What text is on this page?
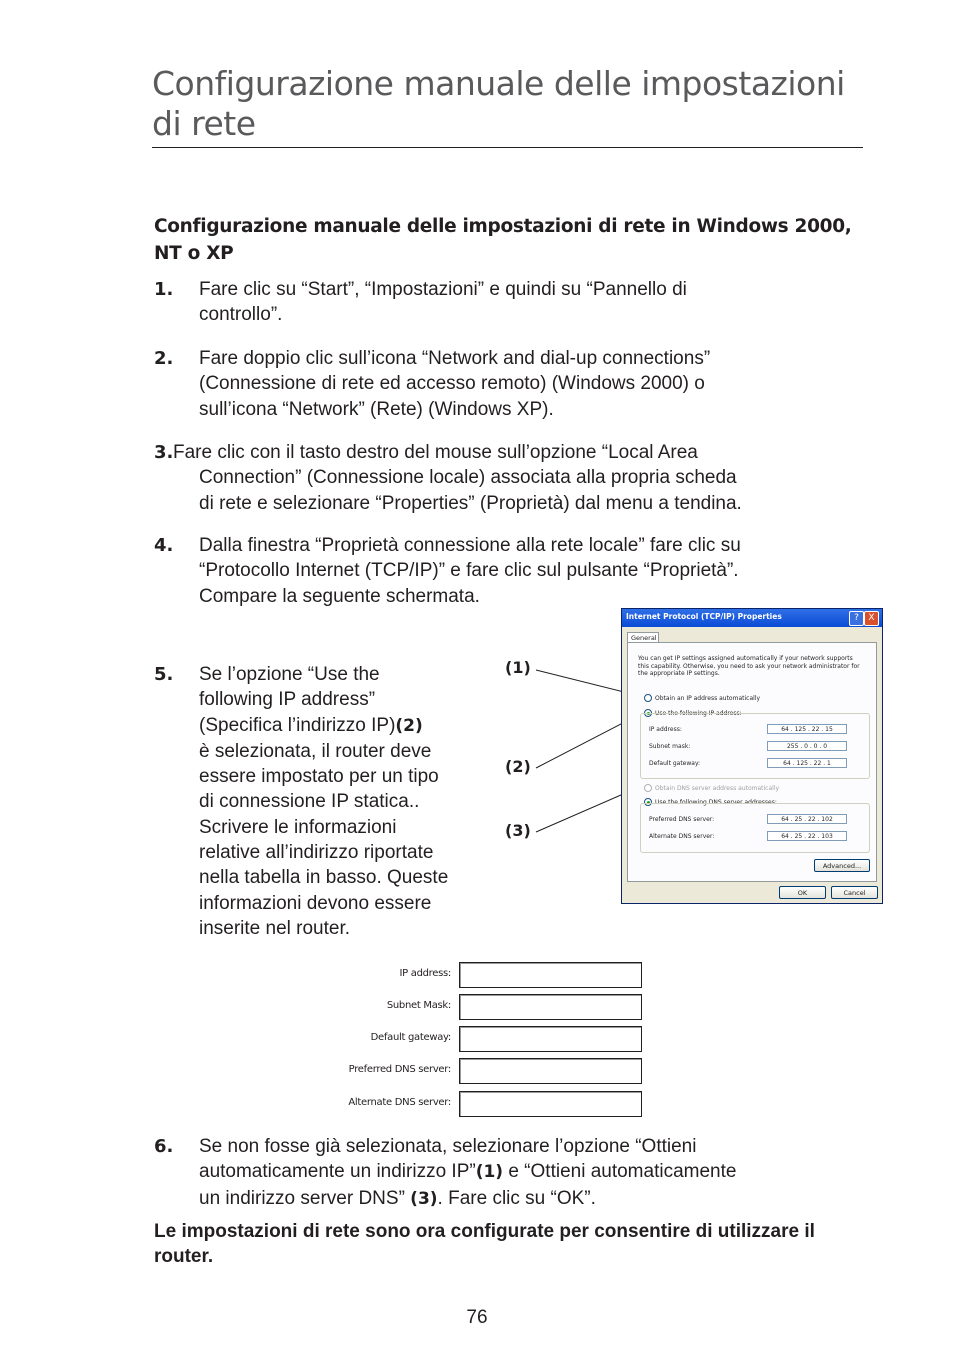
Configurazione manuale delle impostazioni di rete
Configurazione manuale delle impostazioni di rete in Windows 2000, NT o XP
1. Fare clic su “Start”, “Impostazioni” e quindi su “Pannello di
controllo”.
2. Fare doppio clic sull’icona “Network and dial-up connections”
(Connessione di rete ed accesso remoto) (Windows 2000) o
sull’icona “Network” (Rete) (Windows XP).
3. Fare clic con il tasto destro del mouse sull’opzione “Local Area
Connection” (Connessione locale) associata alla propria scheda
di rete e selezionare “Properties” (Proprietà) dal menu a tendina.
4. Dalla finestra “Proprietà connessione alla rete locale” fare clic su
“Protocollo Internet (TCP/IP)” e fare clic sul pulsante “Proprietà”.
Compare la seguente schermata.
5. Se l’opzione “Use the
following IP address”
(Specifica l’indirizzo IP)(2)
è selezionata, il router deve
essere impostato per un tipo
di connessione IP statica..
Scrivere le informazioni
relative all’indirizzo riportate
nella tabella in basso. Queste
informazioni devono essere
inserite nel router.
(1)
(2)
(3)
Internet Protocol (TCP/IP) Properties	?	X
General
You can get IP settings assigned automatically if your network supports this capability. Otherwise, you need to ask your network administrator for the appropriate IP settings.
Obtain an IP address automatically
Use the following IP address:
IP address:	64 . 125 . 22 . 15
Subnet mask:	255 . 0 . 0 . 0
Default gateway:	64 . 125 . 22 . 1
Obtain DNS server address automatically
Use the following DNS server addresses:
Preferred DNS server:	64 . 25 . 22 . 102
Alternate DNS server:	64 . 25 . 22 . 103
Advanced...
OK	Cancel
IP address:
Subnet Mask:
Default gateway:
Preferred DNS server:
Alternate DNS server:
6. Se non fosse già selezionata, selezionare l’opzione “Ottieni
automaticamente un indirizzo IP”(1) e “Ottieni automaticamente
un indirizzo server DNS” (3). Fare clic su “OK”.
Le impostazioni di rete sono ora configurate per consentire di utilizzare il router.
76
